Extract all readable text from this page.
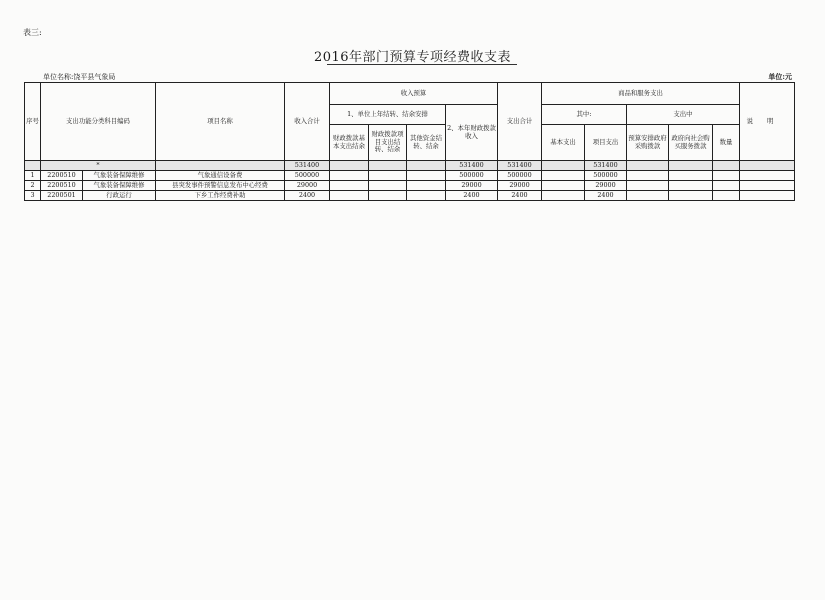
表三:
2016年部门预算专项经费收支表
单位名称:饶平县气象局	单位:元
序号	支出功能分类科目编码		项目名称	收入合计	收入预算				支出合计	商品和服务支出					说明
					1、单位上年结转、结余安排			2、本年财政拨款收入		其中:		支出中			
					财政拨款基本支出结余	财政拨款项目支出结转、结余	其他资金结转、结余			基本支出	项目支出	预算安排政府采购拨款	政府向社会购买服务拨款	数量	
	*			531400				531400	531400		531400				
1	2200510	气象装备保障维修	气象通信设备费	500000				500000	500000		500000				
2	2200510	气象装备保障维修	县突发事件预警信息发布中心经费	29000				29000	29000		29000				
3	2200501	行政运行	下乡工作经费补助	2400				2400	2400		2400				
